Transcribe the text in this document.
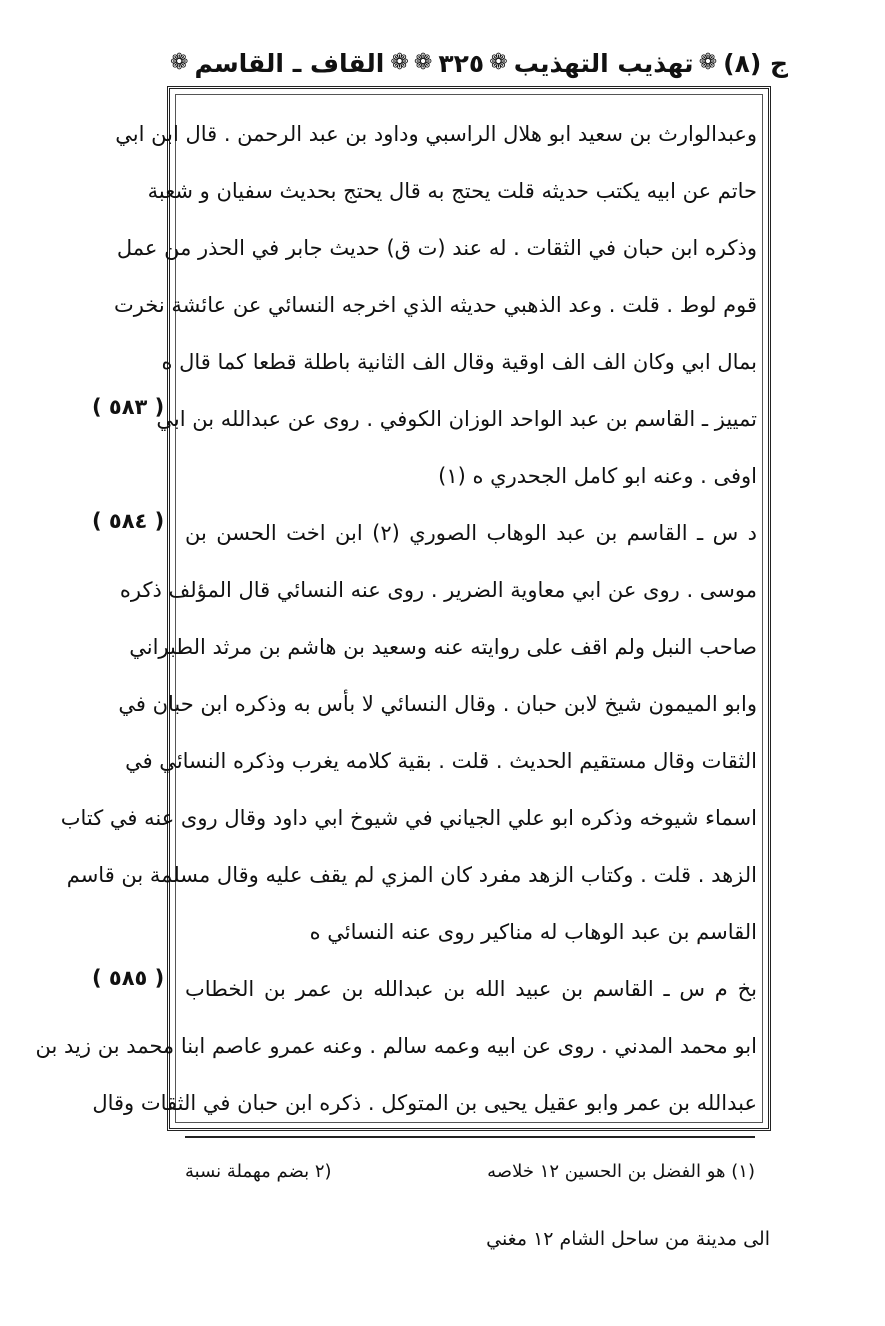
ج (٨)
❁
تهذيب التهذيب
❁
٣٢٥
❁
❁
القاف ـ القاسم
❁
وعبدالوارث بن سعيد ابو هلال الراسبي وداود بن عبد الرحمن . قال ابن ابي
حاتم عن ابيه يكتب حديثه قلت يحتج به قال يحتج بحديث سفيان و شعبة
وذكره ابن حبان في الثقات . له عند (ت ق) حديث جابر في الحذر من عمل
قوم لوط . قلت . وعد الذهبي حديثه الذي اخرجه النسائي عن عائشة نخرت
بمال ابي وكان الف الف اوقية وقال الف الثانية باطلة قطعا كما قال ه
تمييز ـ القاسم بن عبد الواحد الوزان الكوفي . روى عن عبدالله بن ابي
اوفى . وعنه ابو كامل الجحدري ه (١)
د س ـ القاسم بن عبد الوهاب الصوري (٢) ابن اخت الحسن بن
موسى . روى عن ابي معاوية الضرير . روى عنه النسائي قال المؤلف ذكره
صاحب النبل ولم اقف على روايته عنه وسعيد بن هاشم بن مرثد الطبراني
وابو الميمون شيخ لابن حبان . وقال النسائي لا بأس به وذكره ابن حبان في
الثقات وقال مستقيم الحديث . قلت . بقية كلامه يغرب وذكره النسائي في
اسماء شيوخه وذكره ابو علي الجياني في شيوخ ابي داود وقال روى عنه في كتاب
الزهد . قلت . وكتاب الزهد مفرد كان المزي لم يقف عليه وقال مسلمة بن قاسم
القاسم بن عبد الوهاب له مناكير روى عنه النسائي ه
بخ م س ـ القاسم بن عبيد الله بن عبدالله بن عمر بن الخطاب
ابو محمد المدني . روى عن ابيه وعمه سالم . وعنه عمرو عاصم ابنا محمد بن زيد بن
عبدالله بن عمر وابو عقيل يحيى بن المتوكل . ذكره ابن حبان في الثقات وقال
( ٥٨٣ )
( ٥٨٤ )
( ٥٨٥ )
(١) هو الفضل بن الحسين ١٢ خلاصه
(٢ بضم مهملة نسبة
الى مدينة من ساحل الشام ١٢ مغني
